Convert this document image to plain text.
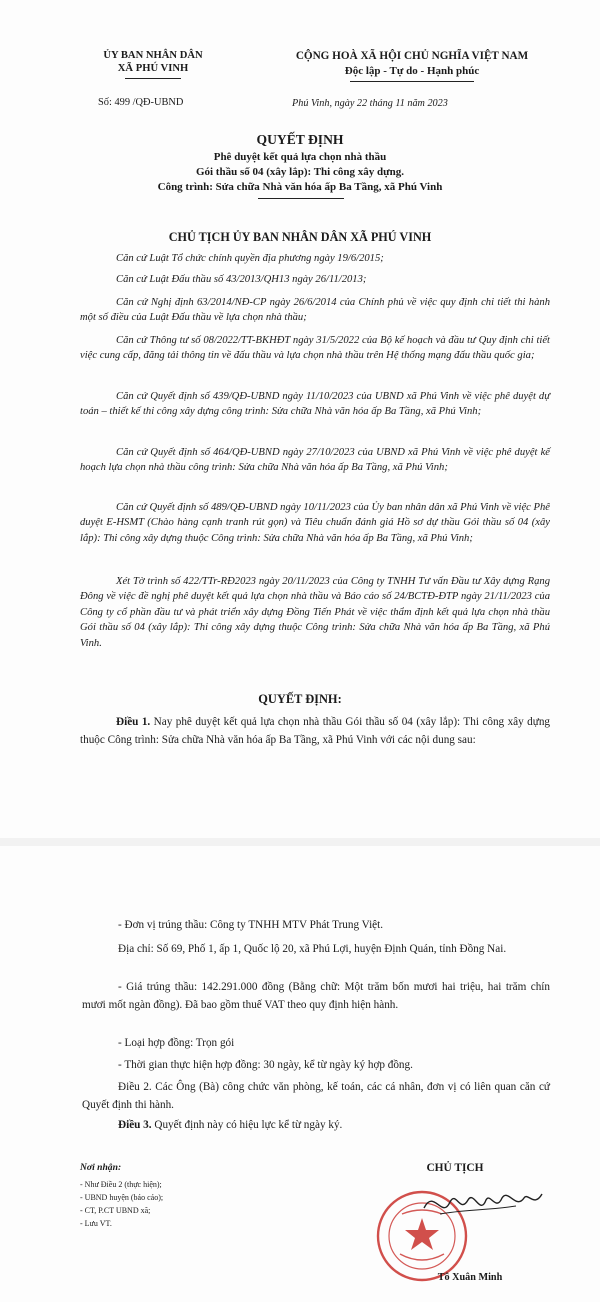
ỦY BAN NHÂN DÂN
XÃ PHÚ VINH
Số: 499 /QĐ-UBND
CỘNG HOÀ XÃ HỘI CHỦ NGHĨA VIỆT NAM
Độc lập - Tự do - Hạnh phúc
Phú Vinh, ngày 22 tháng 11 năm 2023
QUYẾT ĐỊNH
Phê duyệt kết quả lựa chọn nhà thầu
Gói thầu số 04 (xây lắp): Thi công xây dựng.
Công trình: Sửa chữa Nhà văn hóa ấp Ba Tầng, xã Phú Vinh
CHỦ TỊCH ỦY BAN NHÂN DÂN XÃ PHÚ VINH
Căn cứ Luật Tổ chức chính quyền địa phương ngày 19/6/2015;
Căn cứ Luật Đấu thầu số 43/2013/QH13 ngày 26/11/2013;
Căn cứ Nghị định 63/2014/NĐ-CP ngày 26/6/2014 của Chính phủ về việc quy định chi tiết thi hành một số điều của Luật Đấu thầu về lựa chọn nhà thầu;
Căn cứ Thông tư số 08/2022/TT-BKHĐT ngày 31/5/2022 của Bộ kế hoạch và đầu tư Quy định chi tiết việc cung cấp, đăng tải thông tin về đấu thầu và lựa chọn nhà thầu trên Hệ thống mạng đấu thầu quốc gia;
Căn cứ Quyết định số 439/QĐ-UBND ngày 11/10/2023 của UBND xã Phú Vinh về việc phê duyệt dự toán – thiết kế thi công xây dựng công trình: Sửa chữa Nhà văn hóa ấp Ba Tầng, xã Phú Vinh;
Căn cứ Quyết định số 464/QĐ-UBND ngày 27/10/2023 của UBND xã Phú Vinh về việc phê duyệt kế hoạch lựa chọn nhà thầu công trình: Sửa chữa Nhà văn hóa ấp Ba Tầng, xã Phú Vinh;
Căn cứ Quyết định số 489/QĐ-UBND ngày 10/11/2023 của Ủy ban nhân dân xã Phú Vinh về việc Phê duyệt E-HSMT (Chào hàng cạnh tranh rút gọn) và Tiêu chuẩn đánh giá Hồ sơ dự thầu Gói thầu số 04 (xây lắp): Thi công xây dựng thuộc Công trình: Sửa chữa Nhà văn hóa ấp Ba Tầng, xã Phú Vinh;
Xét Tờ trình số 422/TTr-RĐ2023 ngày 20/11/2023 của Công ty TNHH Tư vấn Đầu tư Xây dựng Rạng Đông về việc đề nghị phê duyệt kết quả lựa chọn nhà thầu và Báo cáo số 24/BCTĐ-ĐTP ngày 21/11/2023 của Công ty cổ phần đầu tư và phát triển xây dựng Đồng Tiến Phát về việc thẩm định kết quả lựa chọn nhà thầu Gói thầu số 04 (xây lắp): Thi công xây dựng thuộc Công trình: Sửa chữa Nhà văn hóa ấp Ba Tầng, xã Phú Vinh.
QUYẾT ĐỊNH:
Điều 1. Nay phê duyệt kết quả lựa chọn nhà thầu Gói thầu số 04 (xây lắp): Thi công xây dựng thuộc Công trình: Sửa chữa Nhà văn hóa ấp Ba Tầng, xã Phú Vinh với các nội dung sau:
- Đơn vị trúng thầu: Công ty TNHH MTV Phát Trung Việt.
Địa chỉ: Số 69, Phố 1, ấp 1, Quốc lộ 20, xã Phú Lợi, huyện Định Quán, tỉnh Đồng Nai.
- Giá trúng thầu: 142.291.000 đồng (Bằng chữ: Một trăm bốn mươi hai triệu, hai trăm chín mươi mốt ngàn đồng). Đã bao gồm thuế VAT theo quy định hiện hành.
- Loại hợp đồng: Trọn gói
- Thời gian thực hiện hợp đồng: 30 ngày, kể từ ngày ký hợp đồng.
Điều 2. Các Ông (Bà) công chức văn phòng, kế toán, các cá nhân, đơn vị có liên quan căn cứ Quyết định thi hành.
Điều 3. Quyết định này có hiệu lực kể từ ngày ký.
Nơi nhận:
- Như Điều 2 (thực hiện);
- UBND huyện (báo cáo);
- CT, P.CT UBND xã;
- Lưu VT.
CHỦ TỊCH
Tô Xuân Minh
